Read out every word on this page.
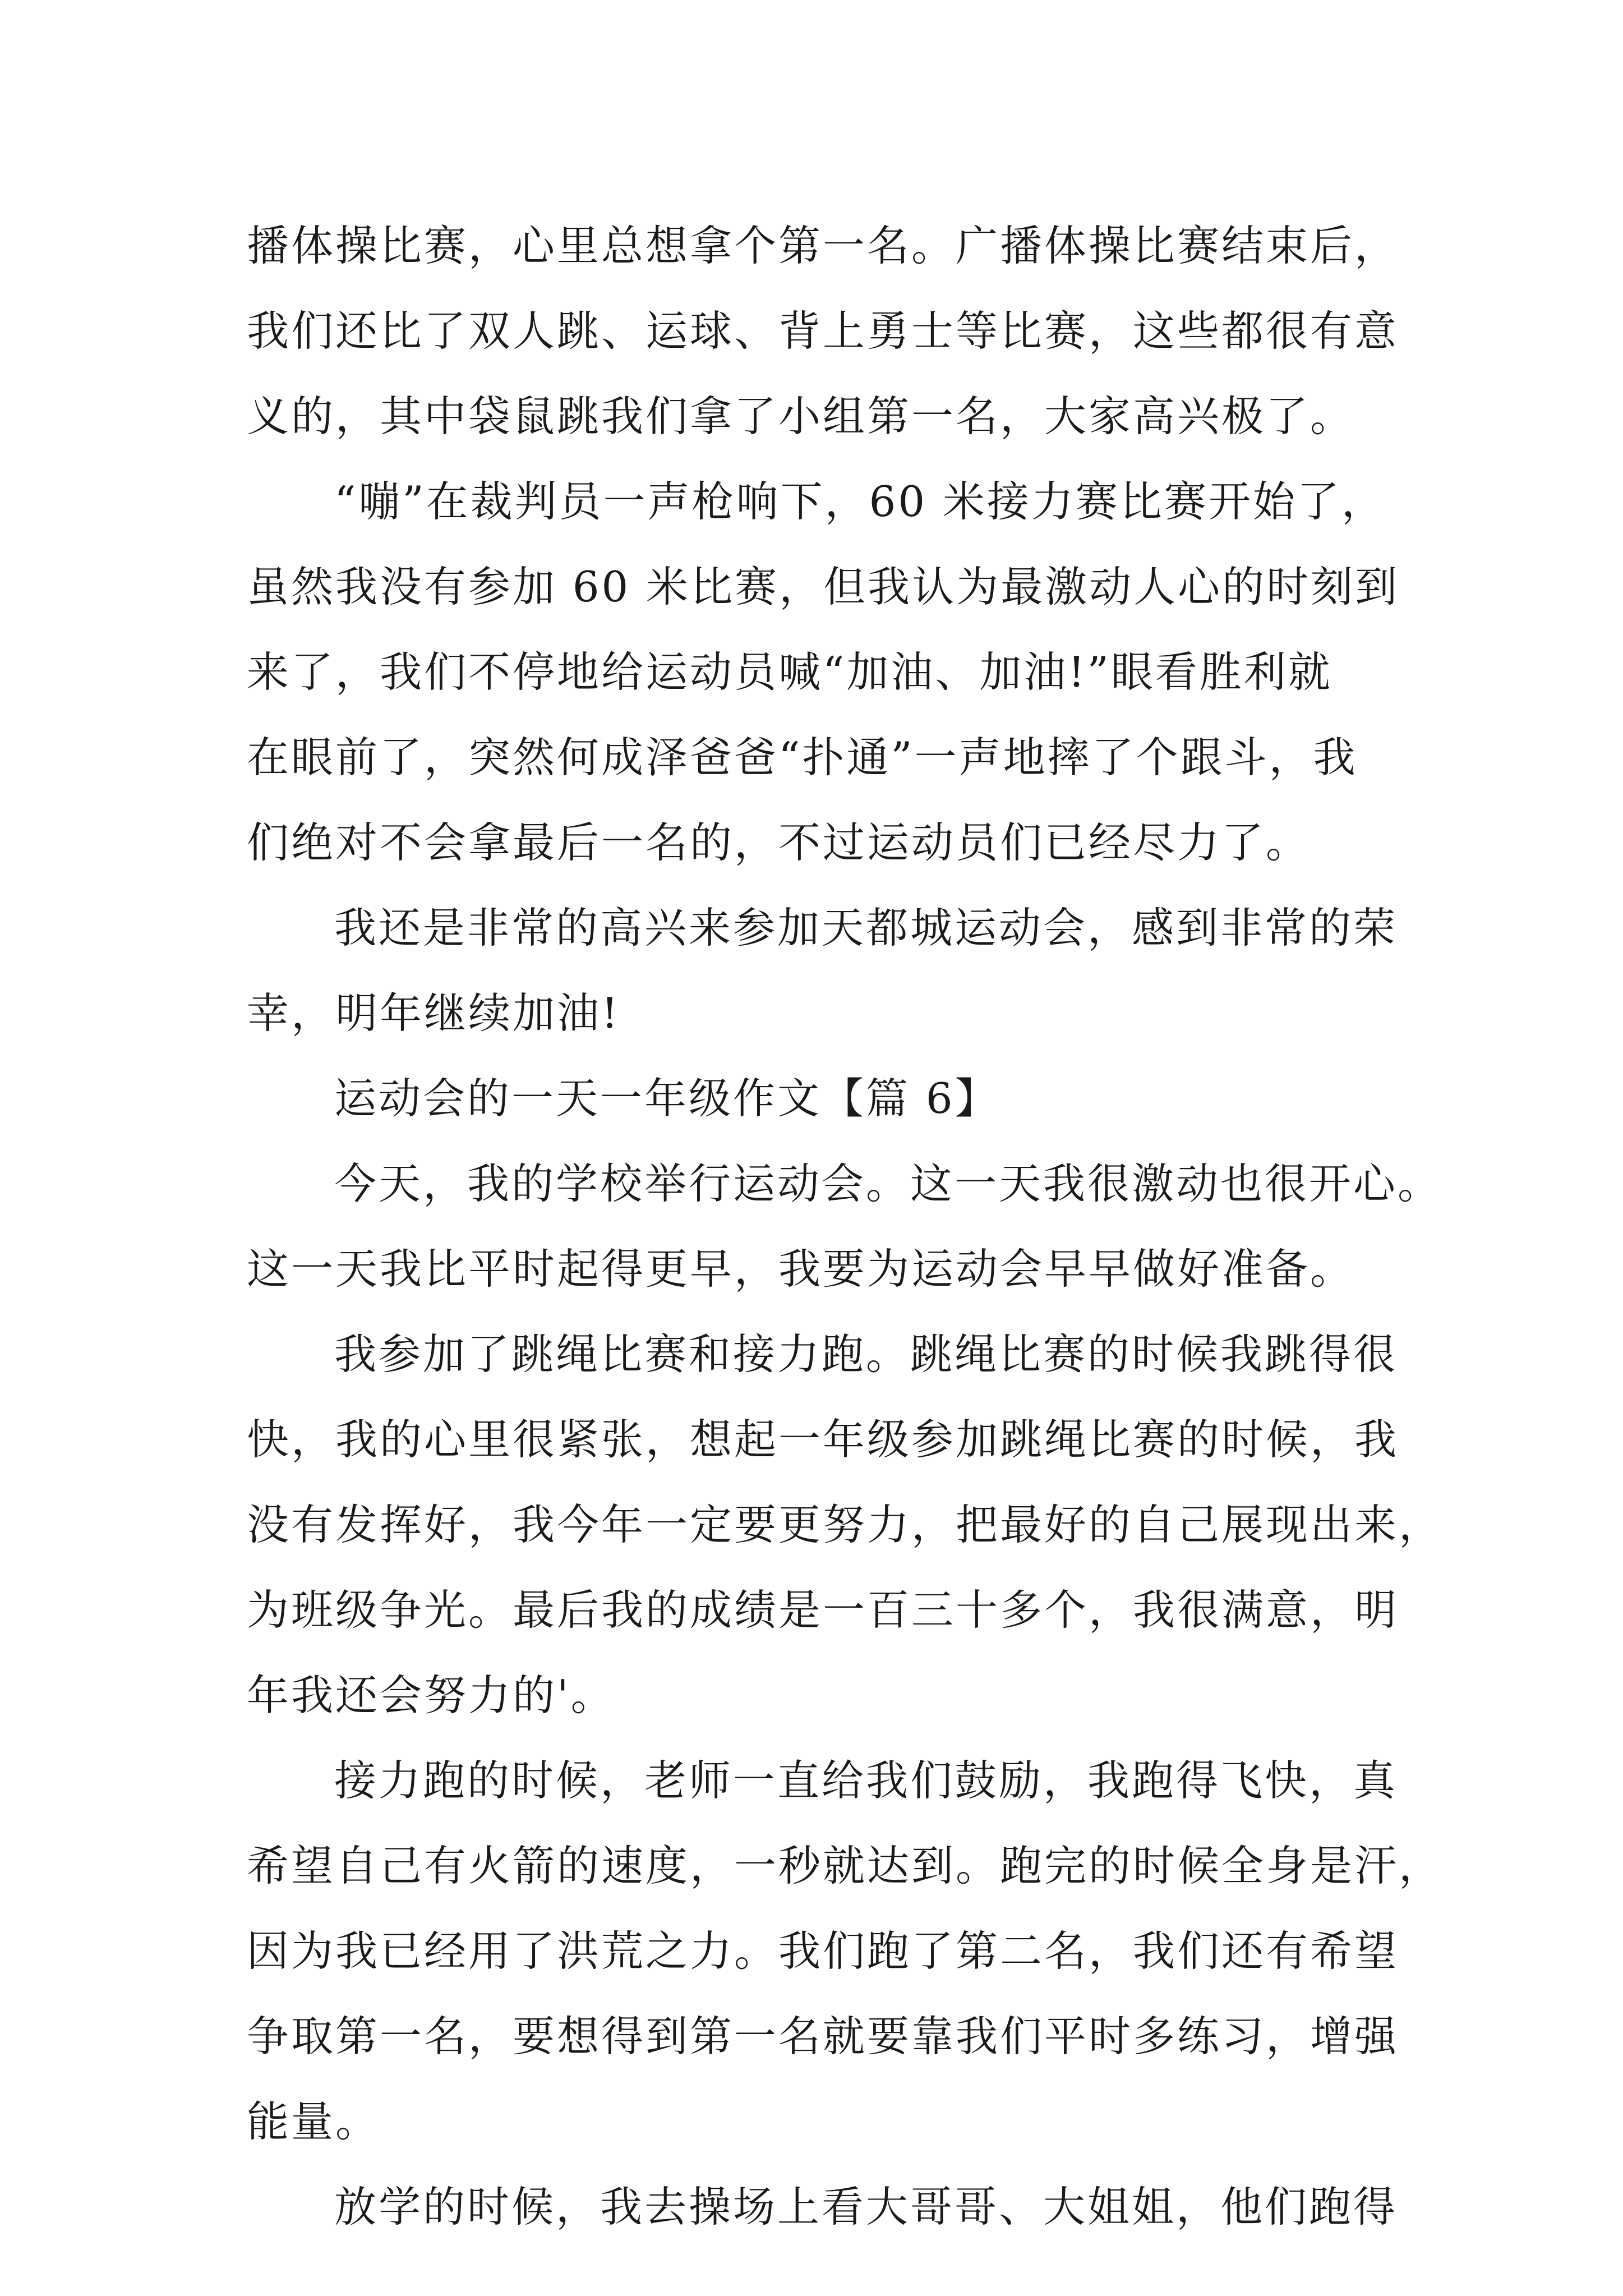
播体操比赛，心里总想拿个第一名。广播体操比赛结束后，
我们还比了双人跳、运球、背上勇士等比赛，这些都很有意
义的，其中袋鼠跳我们拿了小组第一名，大家高兴极了。
“嘣”在裁判员一声枪响下，60 米接力赛比赛开始了，
虽然我没有参加 60 米比赛，但我认为最激动人心的时刻到
来了，我们不停地给运动员喊“加油、加油!”眼看胜利就
在眼前了，突然何成泽爸爸“扑通”一声地摔了个跟斗，我
们绝对不会拿最后一名的，不过运动员们已经尽力了。
我还是非常的高兴来参加天都城运动会，感到非常的荣
幸，明年继续加油!
运动会的一天一年级作文【篇 6】
今天，我的学校举行运动会。这一天我很激动也很开心。
这一天我比平时起得更早，我要为运动会早早做好准备。
我参加了跳绳比赛和接力跑。跳绳比赛的时候我跳得很
快，我的心里很紧张，想起一年级参加跳绳比赛的时候，我
没有发挥好，我今年一定要更努力，把最好的自己展现出来，
为班级争光。最后我的成绩是一百三十多个，我很满意，明
年我还会努力的'。
接力跑的时候，老师一直给我们鼓励，我跑得飞快，真
希望自己有火箭的速度，一秒就达到。跑完的时候全身是汗，
因为我已经用了洪荒之力。我们跑了第二名，我们还有希望
争取第一名，要想得到第一名就要靠我们平时多练习，增强
能量。
放学的时候，我去操场上看大哥哥、大姐姐，他们跑得
